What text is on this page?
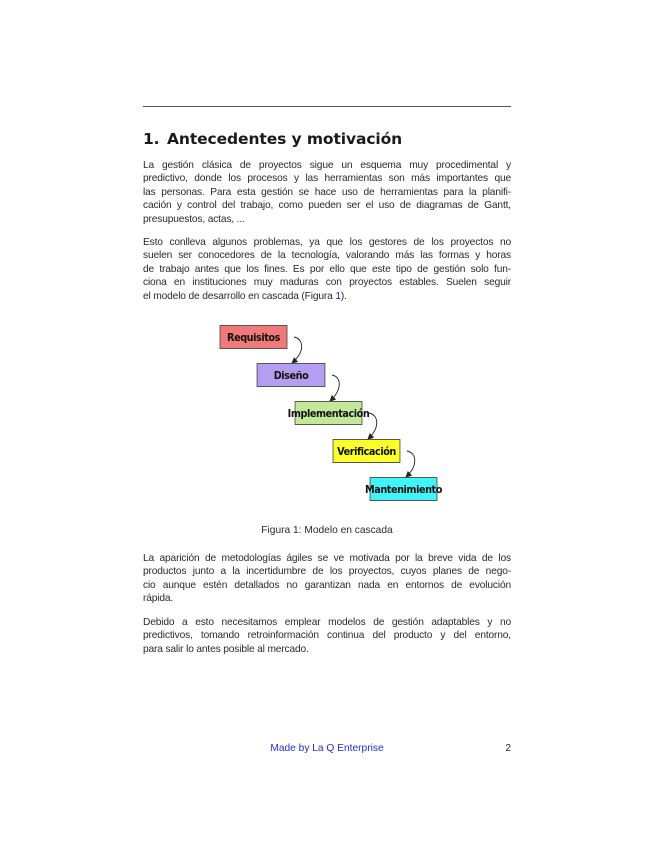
1. Antecedentes y motivación

La gestión clásica de proyectos sigue un esquema muy procedimental y
predictivo, donde los procesos y las herramientas son más importantes que
las personas. Para esta gestión se hace uso de herramientas para la planifi-
cación y control del trabajo, como pueden ser el uso de diagramas de Gantt,
presupuestos, actas, ...

Esto conlleva algunos problemas, ya que los gestores de los proyectos no
suelen ser conocedores de la tecnología, valorando más las formas y horas
de trabajo antes que los fines. Es por ello que este tipo de gestión solo fun-
ciona en instituciones muy maduras con proyectos estables. Suelen seguir
el modelo de desarrollo en cascada (Figura 1).

Requisitos
Diseño
Implementación
Verificación
Mantenimiento
Figura 1: Modelo en cascada

La aparición de metodologías ágiles se ve motivada por la breve vida de los
productos junto a la incertidumbre de los proyectos, cuyos planes de nego-
cio aunque estén detallados no garantizan nada en entornos de evolución
rápida.

Debido a esto necesitamos emplear modelos de gestión adaptables y no
predictivos, tomando retroinformación continua del producto y del entorno,
para salir lo antes posible al mercado.

Made by La Q Enterprise	2
